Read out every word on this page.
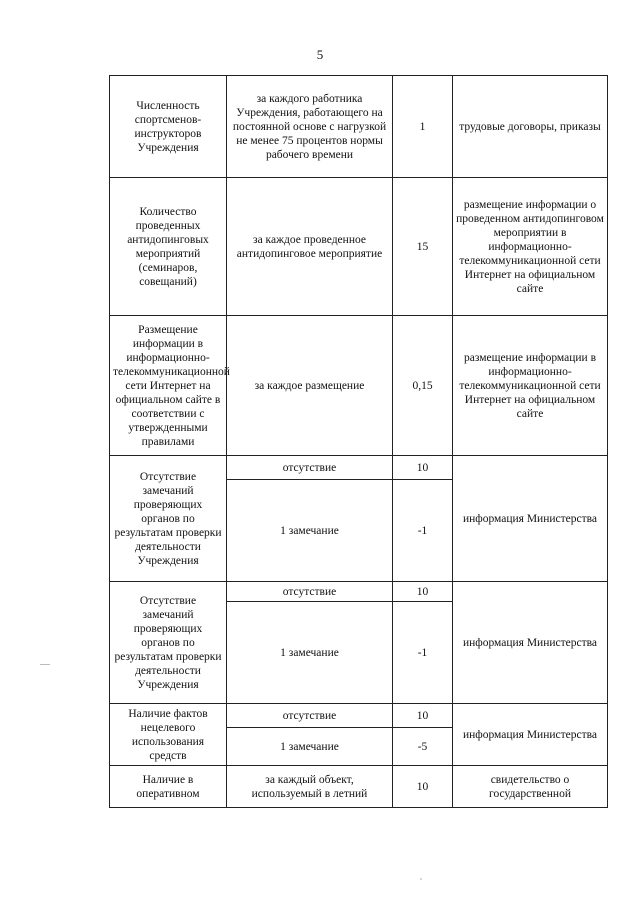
5
Численность спортсменов-инструкторов Учреждения	за каждого работника Учреждения, работающего на постоянной основе с нагрузкой не менее 75 процентов нормы рабочего времени	1	трудовые договоры, приказы
Количество проведенных антидопинговых мероприятий (семинаров, совещаний)	за каждое проведенное антидопинговое мероприятие	15	размещение информации о проведенном антидопинговом мероприятии в информационно-телекоммуникационной сети Интернет на официальном сайте
Размещение информации в информационно-телекоммуникационной сети Интернет на официальном сайте в соответствии с утвержденными правилами	за каждое размещение	0,15	размещение информации в информационно-телекоммуникационной сети Интернет на официальном сайте
Отсутствие замечаний проверяющих органов по результатам проверки деятельности Учреждения	отсутствие	10	информация Министерства
	1 замечание	-1	
Отсутствие замечаний проверяющих органов по результатам проверки деятельности Учреждения	отсутствие	10	информация Министерства
	1 замечание	-1	
Наличие фактов нецелевого использования средств	отсутствие	10	информация Министерства
	1 замечание	-5	
Наличие в оперативном	за каждый объект, используемый в летний	10	свидетельство о государственной
